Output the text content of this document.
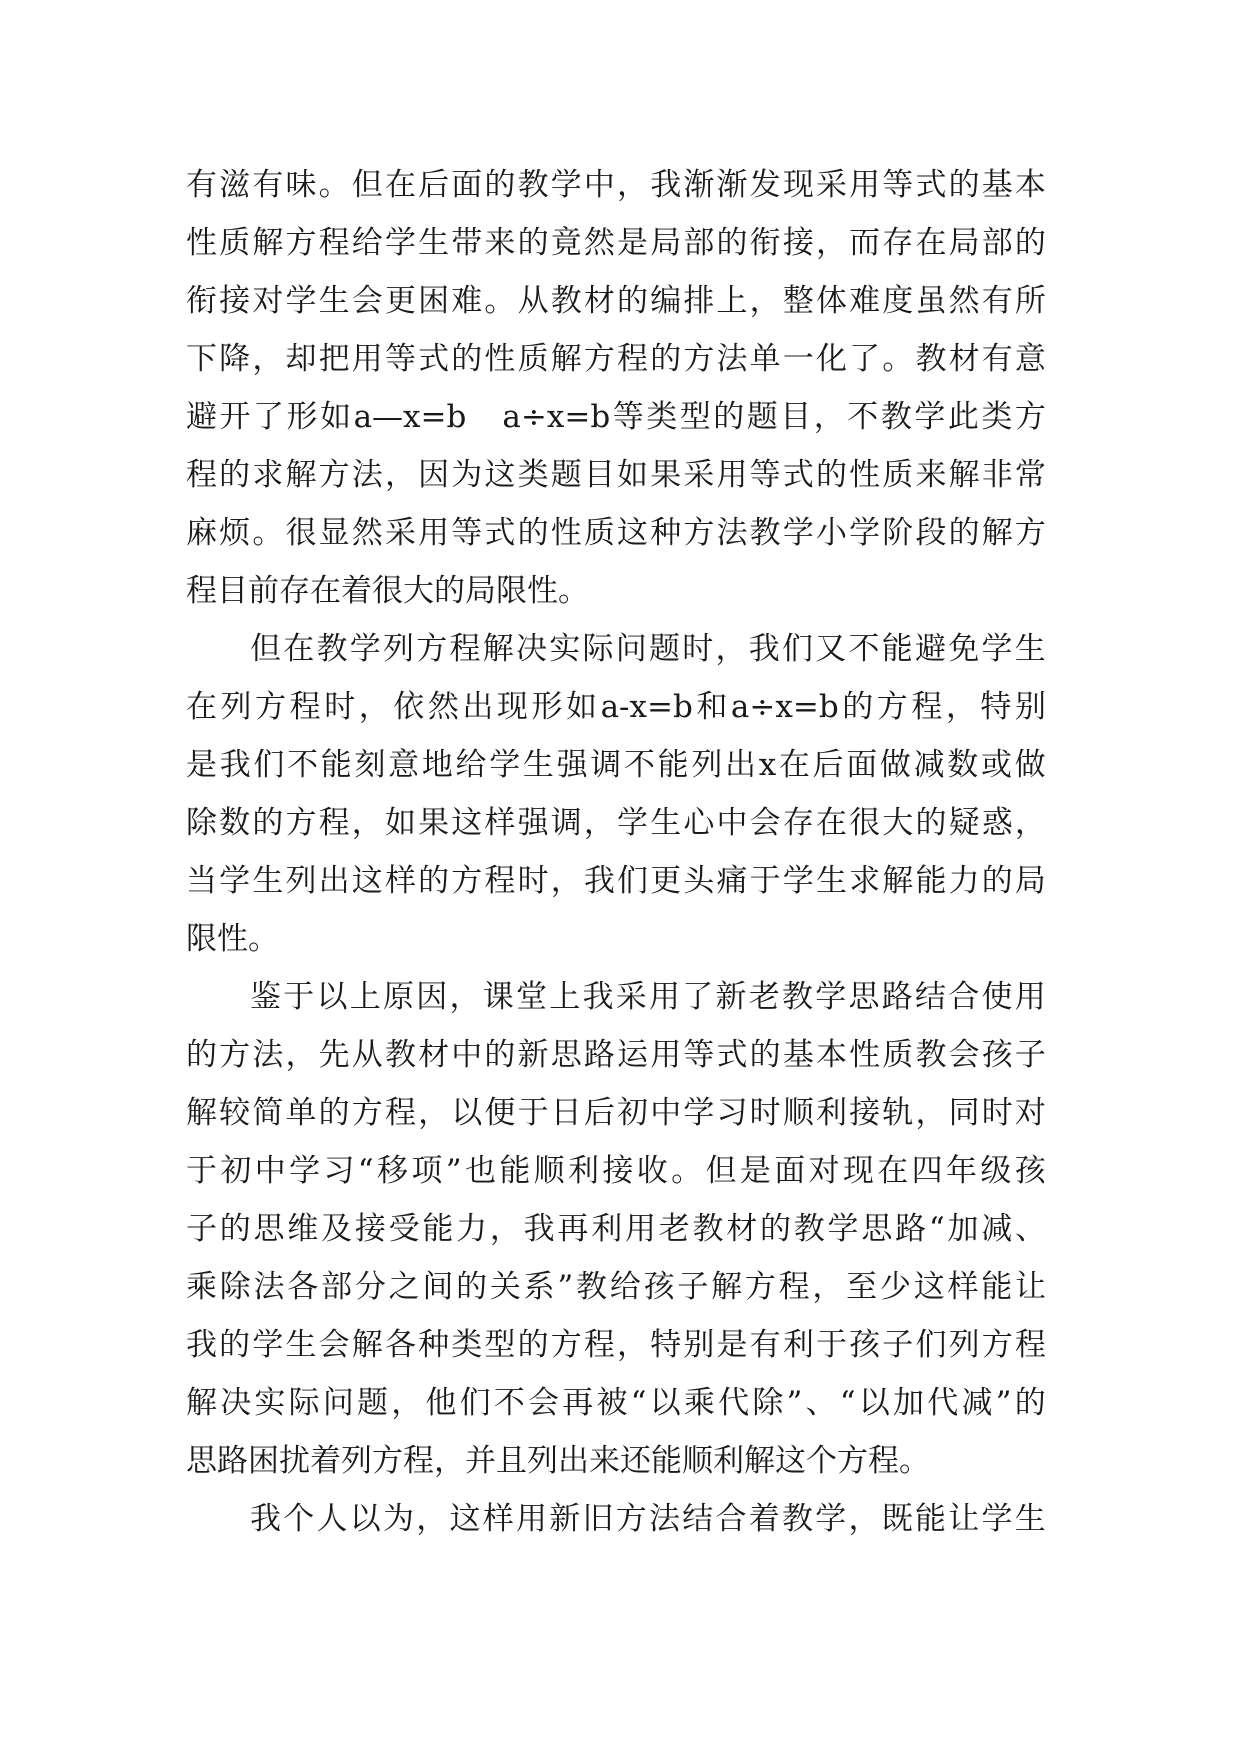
有 滋 有 味 。 但 在 后 面 的 教 学 中 ， 我 渐 渐 发 现 采 用 等 式 的 基 本
性 质 解 方 程 给 学 生 带 来 的 竟 然 是 局 部 的 衔 接 ， 而 存 在 局 部 的
衔 接 对 学 生 会 更 困 难 。 从 教 材 的 编 排 上 ， 整 体 难 度 虽 然 有 所
下 降 ， 却 把 用 等 式 的 性 质 解 方 程 的 方 法 单 一 化 了 。 教 材 有 意
避 开 了 形 如 a—x=b
　 a÷x=b 等 类 型 的 题 目 ， 不 教 学 此 类 方
程 的 求 解 方 法 ， 因 为 这 类 题 目 如 果 采 用 等 式 的 性 质 来 解 非 常
麻 烦 。 很 显 然 采 用 等 式 的 性 质 这 种 方 法 教 学 小 学 阶 段 的 解 方
程目前存在着很大的局限性。
但 在 教 学 列 方 程 解 决 实 际 问 题 时 ， 我 们 又 不 能 避 免 学 生
在 列 方 程 时 ， 依 然 出 现 形 如 a-x=b 和 a÷x=b 的 方 程 ， 特 别
是 我 们 不 能 刻 意 地 给 学 生 强 调 不 能 列 出 x 在 后 面 做 减 数 或 做
除 数 的 方 程 ， 如 果 这 样 强 调 ， 学 生 心 中 会 存 在 很 大 的 疑 惑 ，
当 学 生 列 出 这 样 的 方 程 时 ， 我 们 更 头 痛 于 学 生 求 解 能 力 的 局
限性。
鉴 于 以 上 原 因 ， 课 堂 上 我 采 用 了 新 老 教 学 思 路 结 合 使 用
的 方 法 ， 先 从 教 材 中 的 新 思 路 运 用 等 式 的 基 本 性 质 教 会 孩 子
解 较 简 单 的 方 程 ， 以 便 于 日 后 初 中 学 习 时 顺 利 接 轨 ， 同 时 对
于 初 中 学 习 “ 移 项 ” 也 能 顺 利 接 收 。 但 是 面 对 现 在 四 年 级 孩
子 的 思 维 及 接 受 能 力 ， 我 再 利 用 老 教 材 的 教 学 思 路 “ 加 减 、
乘 除 法 各 部 分 之 间 的 关 系 ” 教 给 孩 子 解 方 程 ， 至 少 这 样 能 让
我 的 学 生 会 解 各 种 类 型 的 方 程 ， 特 别 是 有 利 于 孩 子 们 列 方 程
解 决 实 际 问 题 ， 他 们 不 会 再 被 “ 以 乘 代 除 ” 、 “ 以 加 代 减 ” 的
思路困扰着列方程，并且列出来还能顺利解这个方程。
我 个 人 以 为 ， 这 样 用 新 旧 方 法 结 合 着 教 学 ， 既 能 让 学 生
